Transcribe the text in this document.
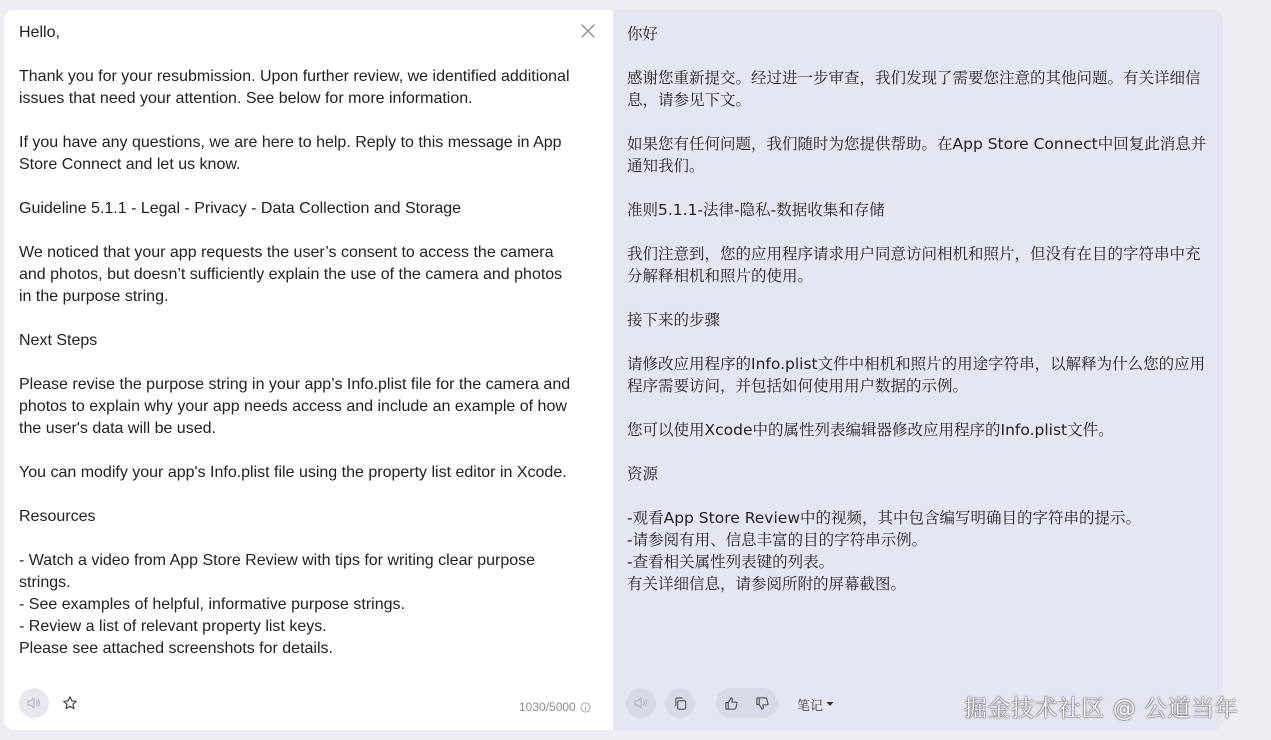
Hello,

Thank you for your resubmission. Upon further review, we identified additional issues that need your attention. See below for more information.

If you have any questions, we are here to help. Reply to this message in App Store Connect and let us know.

Guideline 5.1.1 - Legal - Privacy - Data Collection and Storage

We noticed that your app requests the user’s consent to access the camera and photos, but doesn’t sufficiently explain the use of the camera and photos in the purpose string.

Next Steps

Please revise the purpose string in your app’s Info.plist file for the camera and photos to explain why your app needs access and include an example of how the user's data will be used.

You can modify your app's Info.plist file using the property list editor in Xcode.

Resources

- Watch a video from App Store Review with tips for writing clear purpose strings.
- See examples of helpful, informative purpose strings.
- Review a list of relevant property list keys.
Please see attached screenshots for details.

1030/5000

你好

感谢您重新提交。经过进一步审查，我们发现了需要您注意的其他问题。有关详细信息，请参见下文。

如果您有任何问题，我们随时为您提供帮助。在App Store Connect中回复此消息并通知我们。

准则5.1.1-法律-隐私-数据收集和存储

我们注意到，您的应用程序请求用户同意访问相机和照片，但没有在目的字符串中充分解释相机和照片的使用。

接下来的步骤

请修改应用程序的Info.plist文件中相机和照片的用途字符串，以解释为什么您的应用程序需要访问，并包括如何使用用户数据的示例。

您可以使用Xcode中的属性列表编辑器修改应用程序的Info.plist文件。

资源

-观看App Store Review中的视频，其中包含编写明确目的字符串的提示。
-请参阅有用、信息丰富的目的字符串示例。
-查看相关属性列表键的列表。
有关详细信息，请参阅所附的屏幕截图。

笔记	掘金技术社区 @ 公道当年
